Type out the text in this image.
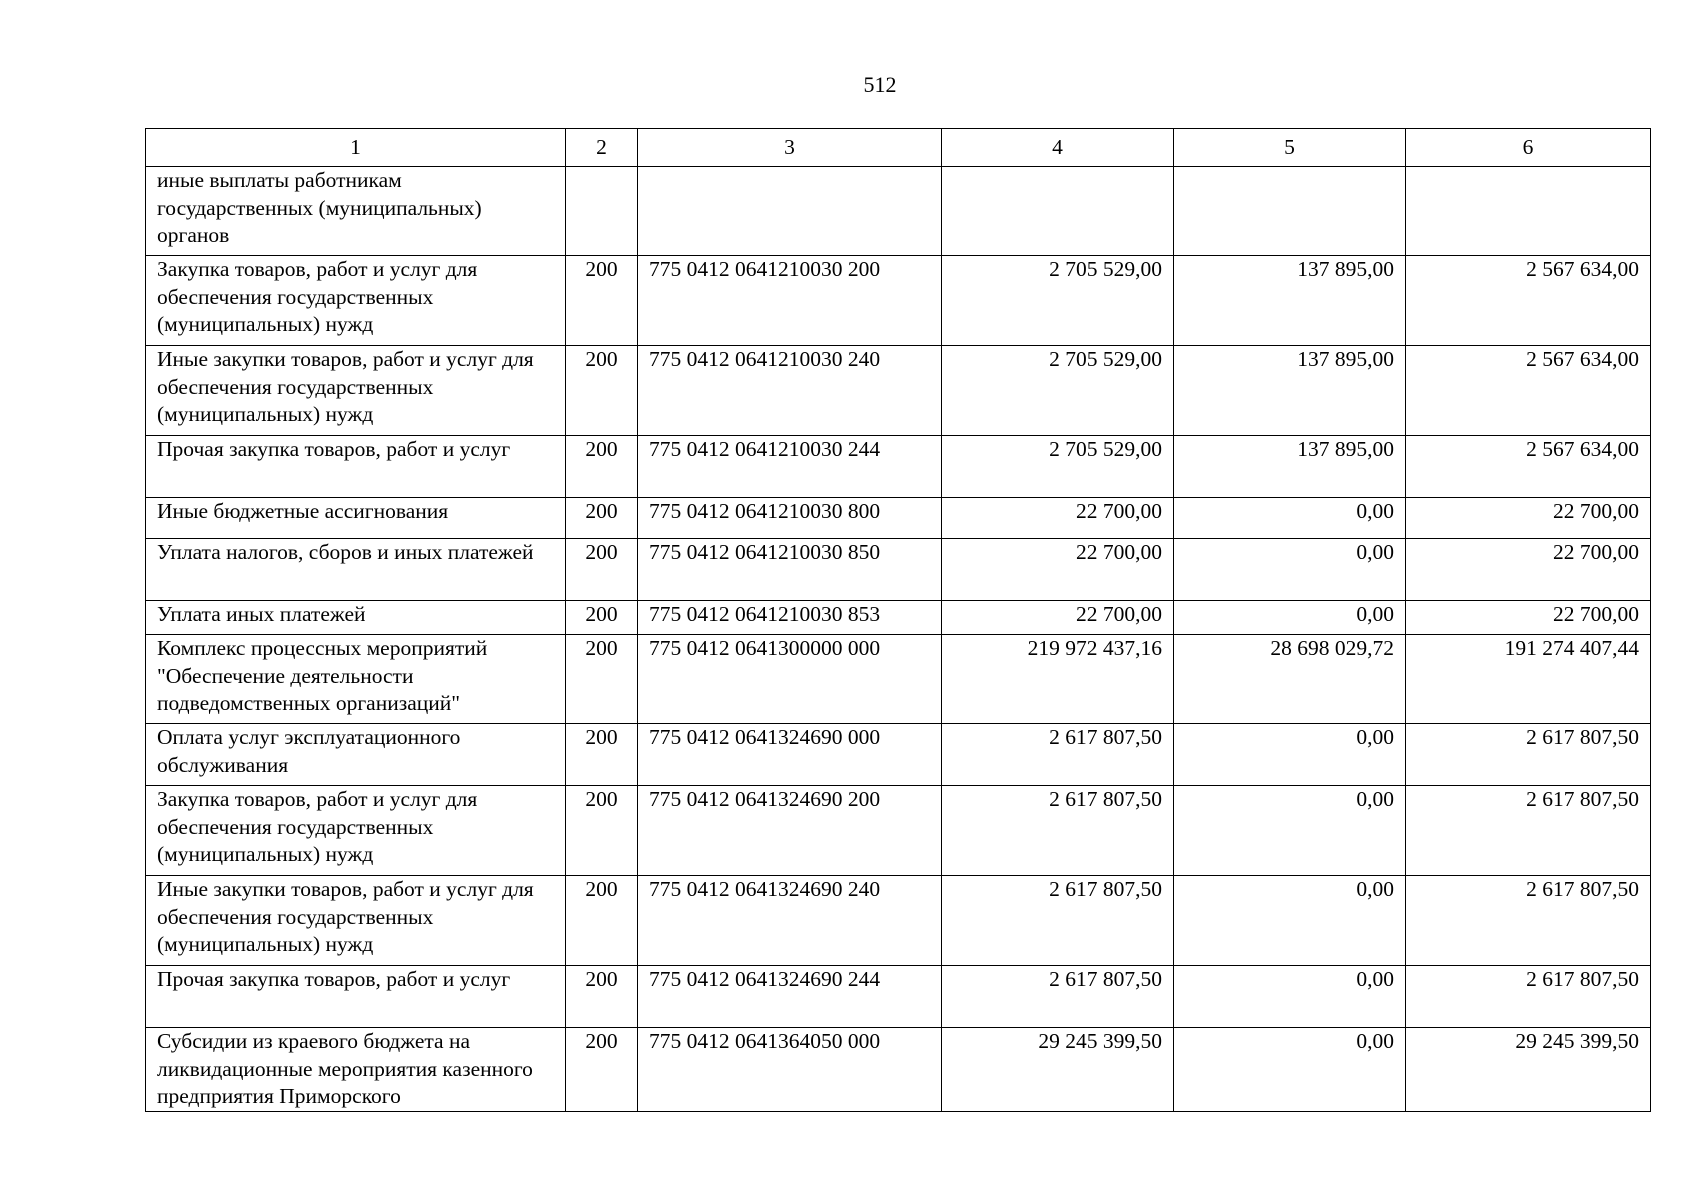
512
1	2	3	4	5	6
иные выплаты работникам государственных (муниципальных) органов					
Закупка товаров, работ и услуг для обеспечения государственных (муниципальных) нужд	200	775 0412 0641210030 200	2 705 529,00	137 895,00	2 567 634,00
Иные закупки товаров, работ и услуг для обеспечения государственных (муниципальных) нужд	200	775 0412 0641210030 240	2 705 529,00	137 895,00	2 567 634,00
Прочая закупка товаров, работ и услуг	200	775 0412 0641210030 244	2 705 529,00	137 895,00	2 567 634,00
Иные бюджетные ассигнования	200	775 0412 0641210030 800	22 700,00	0,00	22 700,00
Уплата налогов, сборов и иных платежей	200	775 0412 0641210030 850	22 700,00	0,00	22 700,00
Уплата иных платежей	200	775 0412 0641210030 853	22 700,00	0,00	22 700,00
Комплекс процессных мероприятий "Обеспечение деятельности подведомственных организаций"	200	775 0412 0641300000 000	219 972 437,16	28 698 029,72	191 274 407,44
Оплата услуг эксплуатационного обслуживания	200	775 0412 0641324690 000	2 617 807,50	0,00	2 617 807,50
Закупка товаров, работ и услуг для обеспечения государственных (муниципальных) нужд	200	775 0412 0641324690 200	2 617 807,50	0,00	2 617 807,50
Иные закупки товаров, работ и услуг для обеспечения государственных (муниципальных) нужд	200	775 0412 0641324690 240	2 617 807,50	0,00	2 617 807,50
Прочая закупка товаров, работ и услуг	200	775 0412 0641324690 244	2 617 807,50	0,00	2 617 807,50
Субсидии из краевого бюджета на ликвидационные мероприятия казенного предприятия Приморского	200	775 0412 0641364050 000	29 245 399,50	0,00	29 245 399,50
